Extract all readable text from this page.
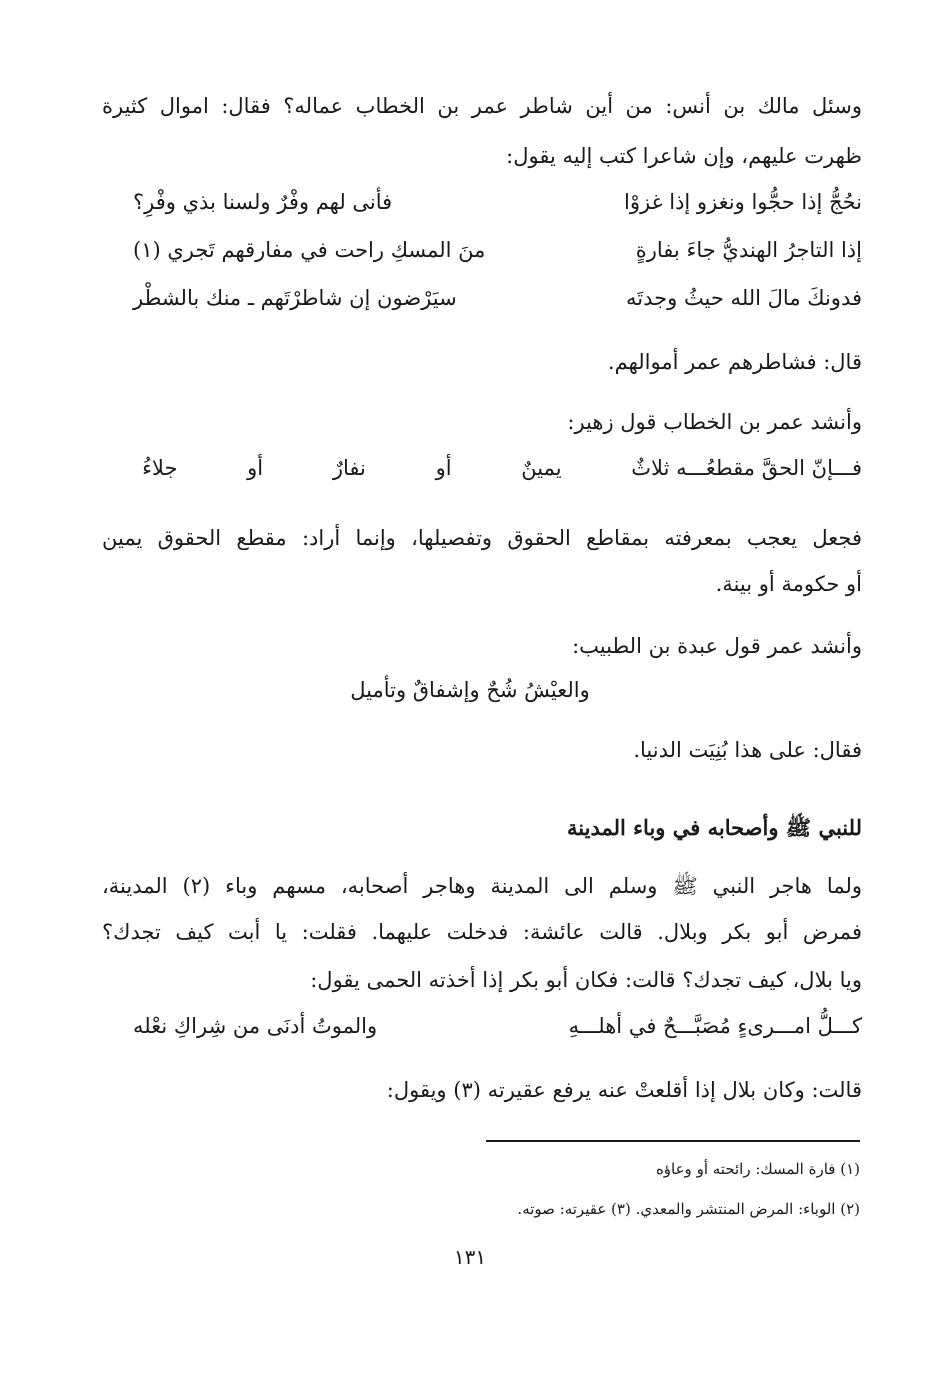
وسئل مالك بن أنس: من أين شاطر عمر بن الخطاب عماله؟ فقال: اموال كثيرة
ظهرت عليهم، وإن شاعرا كتب إليه يقول:
نحُجُّ إذا حجُّوا ونغزو إذا غزوْا
فأنى لهم وفْرٌ ولسنا بذي وفْرِ؟
إذا التاجرُ الهنديُّ جاءَ بفارةٍ
منَ المسكِ راحت في مفارقهم تَجري (١)
فدونكَ مالَ الله حيثُ وجدتَه
سيَرْضون إن شاطرْتَهم ـ منك بالشطْر
قال: فشاطرهم عمر أموالهم.
وأنشد عمر بن الخطاب قول زهير:
فـــإنّ الحقَّ مقطعُـــه ثلاثٌ
يمينٌ
أو
نفارٌ
أو
جلاءُ
فجعل يعجب بمعرفته بمقاطع الحقوق وتفصيلها، وإنما أراد: مقطع الحقوق يمين
أو حكومة أو بينة.
وأنشد عمر قول عبدة بن الطبيب:
والعيْشُ شُحٌ وإشفاقٌ وتأميل
فقال: على هذا بُنِيَت الدنيا.
للنبي ﷺ وأصحابه في وباء المدينة
ولما هاجر النبي ﷺ وسلم الى المدينة وهاجر أصحابه، مسهم وباء (٢) المدينة،
فمرض أبو بكر وبلال. قالت عائشة: فدخلت عليهما. فقلت: يا أبت كيف تجدك؟
ويا بلال، كيف تجدك؟ قالت: فكان أبو بكر إذا أخذته الحمى يقول:
كـــلُّ امـــرىءٍ مُصَبَّـــحٌ في أهلـــهِ
والموتُ أدنَى من شِراكِ نعْله
قالت: وكان بلال إذا أقلعتْ عنه يرفع عقيرته (٣) ويقول:
(١) فارة المسك: رائحته أو وعاؤه
(٢) الوباء: المرض المنتشر والمعدي. (٣) عقيرته: صوته.
١٣١
